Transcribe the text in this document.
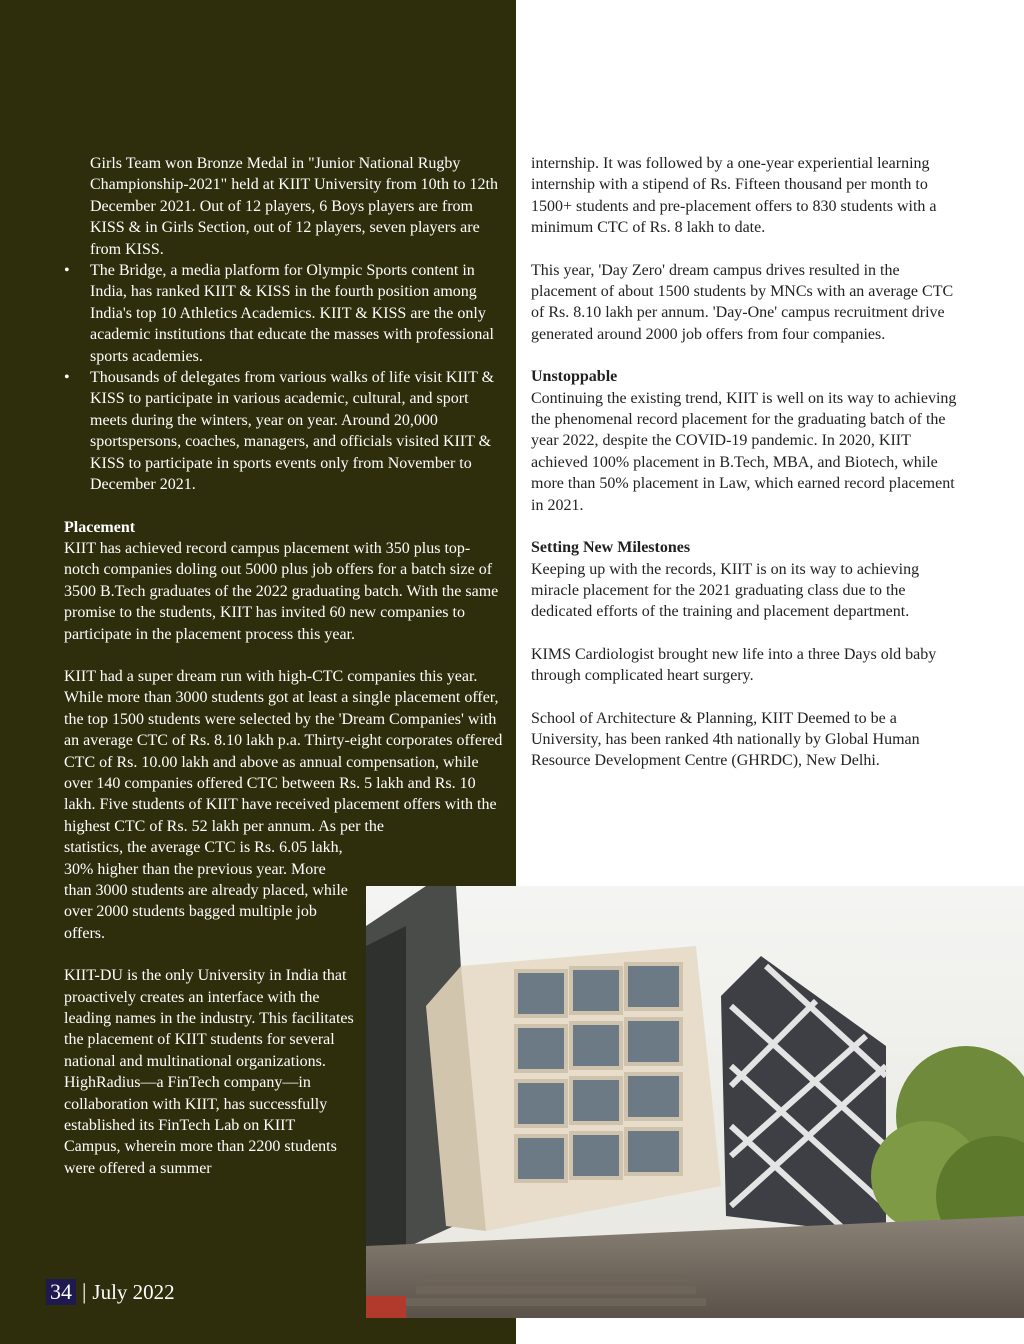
Girls Team won Bronze Medal in "Junior National Rugby Championship-2021" held at KIIT University from 10th to 12th December 2021. Out of 12 players, 6 Boys players are from KISS & in Girls Section, out of 12 players, seven players are from KISS.

• The Bridge, a media platform for Olympic Sports content in India, has ranked KIIT & KISS in the fourth position among India's top 10 Athletics Academics. KIIT & KISS are the only academic institutions that educate the masses with professional sports academies.
• Thousands of delegates from various walks of life visit KIIT & KISS to participate in various academic, cultural, and sport meets during the winters, year on year. Around 20,000 sportspersons, coaches, managers, and officials visited KIIT & KISS to participate in sports events only from November to December 2021.
Placement

KIIT has achieved record campus placement with 350 plus top-notch companies doling out 5000 plus job offers for a batch size of 3500 B.Tech graduates of the 2022 graduating batch. With the same promise to the students, KIIT has invited 60 new companies to participate in the placement process this year.

KIIT had a super dream run with high-CTC companies this year. While more than 3000 students got at least a single placement offer, the top 1500 students were selected by the 'Dream Companies' with an average CTC of Rs. 8.10 lakh p.a. Thirty-eight corporates offered CTC of Rs. 10.00 lakh and above as annual compensation, while over 140 companies offered CTC between Rs. 5 lakh and Rs. 10 lakh. Five students of KIIT have received placement offers with the highest CTC of Rs. 52 lakh per annum. As per the

statistics, the average CTC is Rs. 6.05 lakh, 30% higher than the previous year. More than 3000 students are already placed, while over 2000 students bagged multiple job offers.

KIIT-DU is the only University in India that proactively creates an interface with the leading names in the industry. This facilitates the placement of KIIT students for several national and multinational organizations. HighRadius—a FinTech company—in collaboration with KIIT, has successfully established its FinTech Lab on KIIT Campus, wherein more than 2200 students were offered a summer

internship. It was followed by a one-year experiential learning internship with a stipend of Rs. Fifteen thousand per month to 1500+ students and pre-placement offers to 830 students with a minimum CTC of Rs. 8 lakh to date.

This year, 'Day Zero' dream campus drives resulted in the placement of about 1500 students by MNCs with an average CTC of Rs. 8.10 lakh per annum. 'Day-One' campus recruitment drive generated around 2000 job offers from four companies.

Unstoppable

Continuing the existing trend, KIIT is well on its way to achieving the phenomenal record placement for the graduating batch of the year 2022, despite the COVID-19 pandemic. In 2020, KIIT achieved 100% placement in B.Tech, MBA, and Biotech, while more than 50% placement in Law, which earned record placement in 2021.

Setting New Milestones

Keeping up with the records, KIIT is on its way to achieving miracle placement for the 2021 graduating class due to the dedicated efforts of the training and placement department.

KIMS Cardiologist brought new life into a three Days old baby through complicated heart surgery.

School of Architecture & Planning, KIIT Deemed to be a University, has been ranked 4th nationally by Global Human Resource Development Centre (GHRDC), New Delhi.

34 | July 2022
